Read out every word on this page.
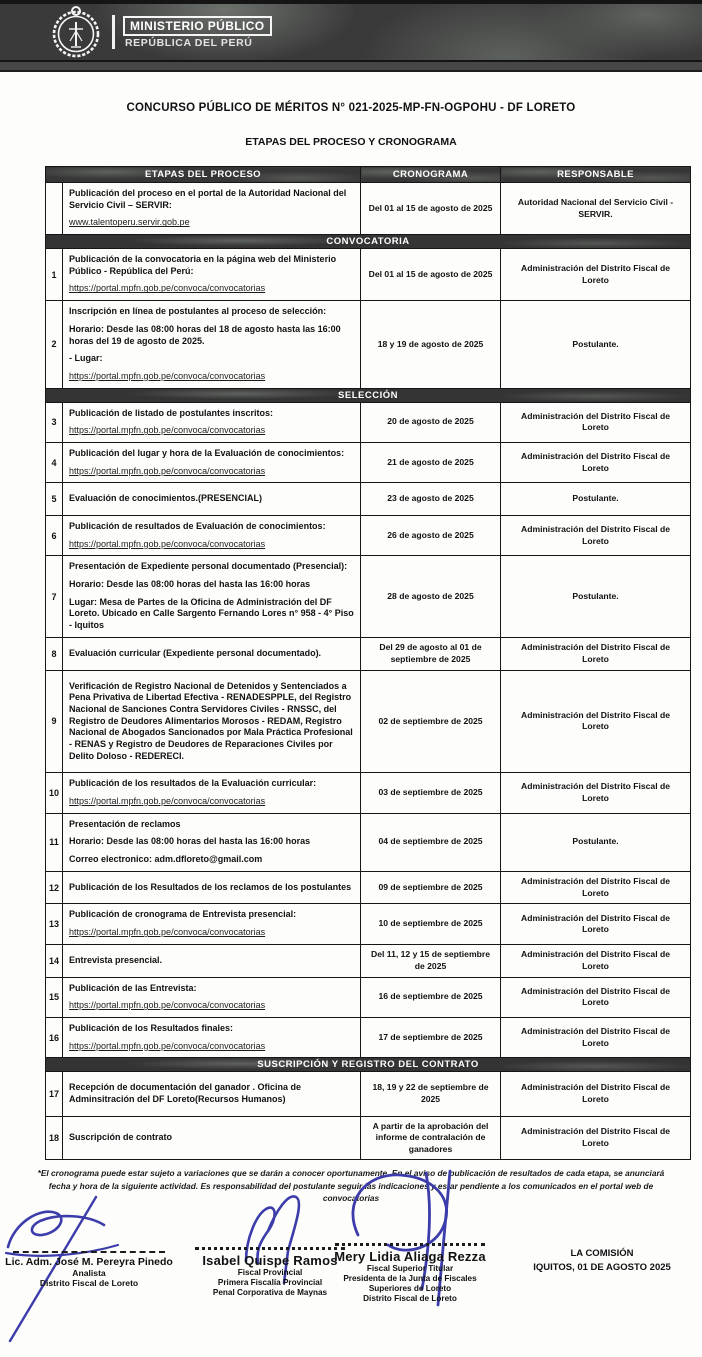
MINISTERIO PÚBLICO
REPÚBLICA DEL PERÚ
CONCURSO PÚBLICO DE MÉRITOS N° 021-2025-MP-FN-OGPOHU - DF LORETO
ETAPAS DEL PROCESO Y CRONOGRAMA
ETAPAS DEL PROCESO		CRONOGRAMA	RESPONSABLE

	Publicación del proceso en el portal de la Autoridad Nacional del Servicio Civil – SERVIR:
www.talentoperu.servir.gob.pe	Del 01 al 15 de agosto de 2025	Autoridad Nacional del Servicio Civil - SERVIR.
CONVOCATORIA			
1	Publicación de la convocatoria en la página web del Ministerio Público - República del Perú:
https://portal.mpfn.gob.pe/convoca/convocatorias	Del 01 al 15 de agosto de 2025	Administración del Distrito Fiscal de Loreto
2	Inscripción en línea de postulantes al proceso de selección:
Horario: Desde las 08:00 horas del 18 de agosto hasta las 16:00 horas del 19 de agosto de 2025.
- Lugar:
https://portal.mpfn.gob.pe/convoca/convocatorias	18 y 19 de agosto de 2025	Postulante.
SELECCIÓN			
3	Publicación de listado de postulantes inscritos:
https://portal.mpfn.gob.pe/convoca/convocatorias	20 de agosto de 2025	Administración del Distrito Fiscal de Loreto
4	Publicación del lugar y hora de la Evaluación de conocimientos:
https://portal.mpfn.gob.pe/convoca/convocatorias	21 de agosto de 2025	Administración del Distrito Fiscal de Loreto
5	Evaluación de conocimientos.(PRESENCIAL)	23 de agosto de 2025	Postulante.
6	Publicación de resultados de Evaluación de conocimientos:
https://portal.mpfn.gob.pe/convoca/convocatorias	26 de agosto de 2025	Administración del Distrito Fiscal de Loreto
7	Presentación de Expediente personal documentado (Presencial):
Horario: Desde las 08:00 horas del hasta las 16:00 horas
Lugar: Mesa de Partes de la Oficina de Administración del DF Loreto. Ubicado en Calle Sargento Fernando Lores n° 958 - 4° Piso - Iquitos	28 de agosto de 2025	Postulante.
8	Evaluación curricular (Expediente personal documentado).	Del 29 de agosto al 01 de septiembre de 2025	Administración del Distrito Fiscal de Loreto
9	Verificación de Registro Nacional de Detenidos y Sentenciados a Pena Privativa de Libertad Efectiva - RENADESPPLE, del Registro Nacional de Sanciones Contra Servidores Civiles - RNSSC, del Registro de Deudores Alimentarios Morosos - REDAM, Registro Nacional de Abogados Sancionados por Mala Práctica Profesional - RENAS y Registro de Deudores de Reparaciones Civiles por Delito Doloso - REDERECI.	02 de septiembre de 2025	Administración del Distrito Fiscal de Loreto
10	Publicación de los resultados de la Evaluación curricular:
https://portal.mpfn.gob.pe/convoca/convocatorias	03 de septiembre de 2025	Administración del Distrito Fiscal de Loreto
11	Presentación de reclamos
Horario: Desde las 08:00 horas del hasta las 16:00 horas
Correo electronico: adm.dfloreto@gmail.com	04 de septiembre de 2025	Postulante.
12	Publicación de los Resultados de los reclamos de los postulantes	09 de septiembre de 2025	Administración del Distrito Fiscal de Loreto
13	Publicación de cronograma de Entrevista presencial:
https://portal.mpfn.gob.pe/convoca/convocatorias	10 de septiembre de 2025	Administración del Distrito Fiscal de Loreto
14	Entrevista presencial.	Del 11, 12 y 15 de septiembre de 2025	Administración del Distrito Fiscal de Loreto
15	Publicación de las Entrevista:
https://portal.mpfn.gob.pe/convoca/convocatorias	16 de septiembre de 2025	Administración del Distrito Fiscal de Loreto
16	Publicación de los Resultados finales:
https://portal.mpfn.gob.pe/convoca/convocatorias	17 de septiembre de 2025	Administración del Distrito Fiscal de Loreto
SUSCRIPCIÓN Y REGISTRO DEL CONTRATO			
17	Recepción de documentación del ganador . Oficina de Adminsitración del DF Loreto(Recursos Humanos)	18, 19 y 22 de septiembre de 2025	Administración del Distrito Fiscal de Loreto
18	Suscripción de contrato	A partir de la aprobación del informe de contralación de ganadores	Administración del Distrito Fiscal de Loreto
*El cronograma puede estar sujeto a variaciones que se darán a conocer oportunamente. En el aviso de publicación de resultados de cada etapa, se anunciará fecha y hora de la siguiente actividad. Es responsabilidad del postulante seguir las indicaciones y estar pendiente a los comunicados en el portal web de convocatorias
Lic. Adm. José M. Pereyra Pinedo
Analista
Distrito Fiscal de Loreto
Isabel Quispe Ramos
Fiscal Provincial
Primera Fiscalía Provincial
Penal Corporativa de Maynas
Mery Lidia Aliaga Rezza
Fiscal Superior Titular
Presidenta de la Junta de Fiscales
Superiores de Loreto
Distrito Fiscal de Loreto
LA COMISIÓN
IQUITOS, 01 DE AGOSTO 2025
